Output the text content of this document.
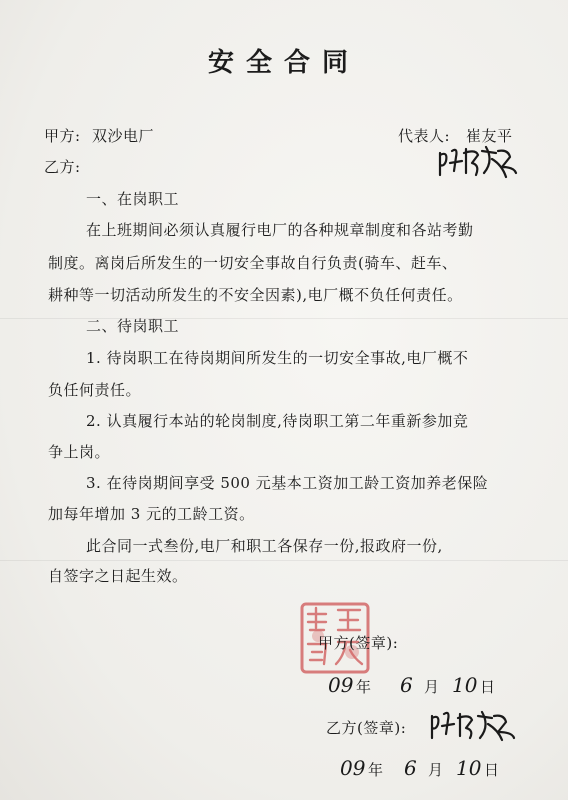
安全合同
甲方: 双沙电厂	代表人: 崔友平
乙方:
一、在岗职工
在上班期间必须认真履行电厂的各种规章制度和各站考勤
制度。离岗后所发生的一切安全事故自行负责(骑车、赶车、
耕种等一切活动所发生的不安全因素),电厂概不负任何责任。
二、待岗职工
1. 待岗职工在待岗期间所发生的一切安全事故,电厂概不
负任何责任。
2. 认真履行本站的轮岗制度,待岗职工第二年重新参加竞
争上岗。
3. 在待岗期间享受 500 元基本工资加工龄工资加养老保险
加每年增加 3 元的工龄工资。
此合同一式叁份,电厂和职工各保存一份,报政府一份,
自签字之日起生效。
甲方(签章):
09 年 6 月 10 日
乙方(签章):
09 年 6 月 10 日
